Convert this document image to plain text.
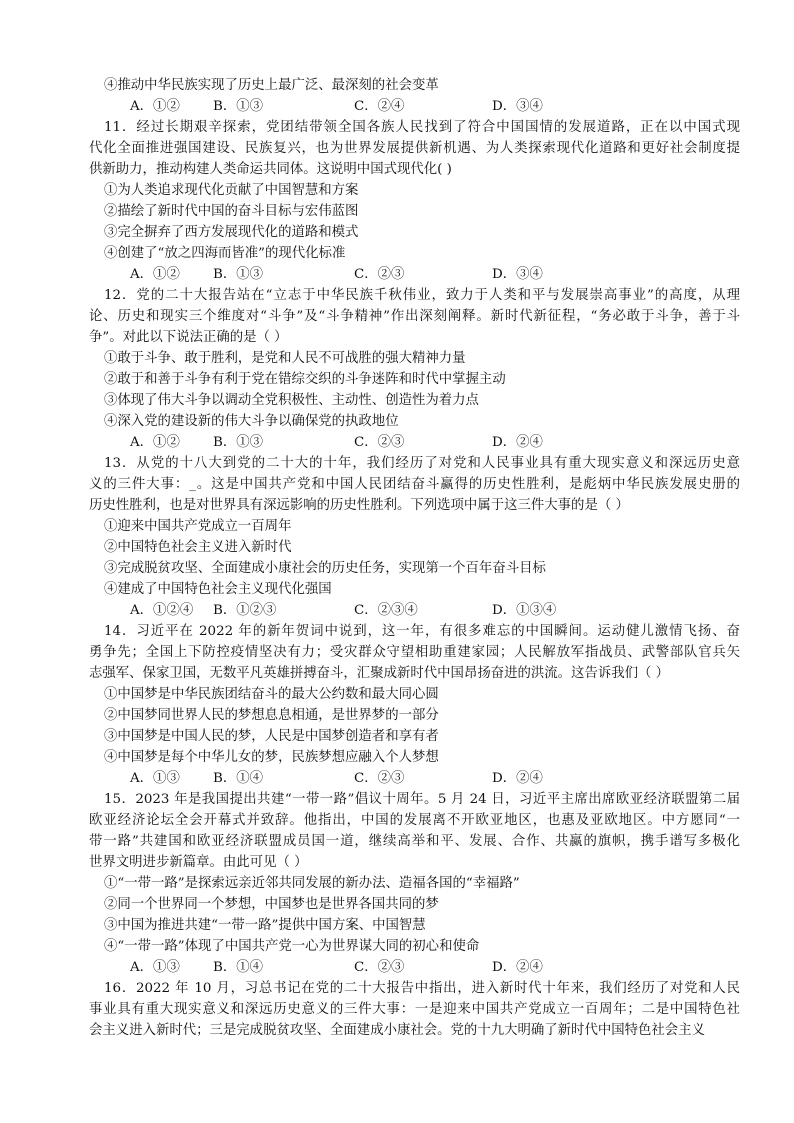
④推动中华民族实现了历史上最广泛、最深刻的社会变革
A．①② B．①③	C．②④	D．③④
11．经过长期艰辛探索，党团结带领全国各族人民找到了符合中国国情的发展道路，正在以中国式现
代化全面推进强国建设、民族复兴，也为世界发展提供新机遇、为人类探索现代化道路和更好社会制度提
供新助力，推动构建人类命运共同体。这说明中国式现代化( )
①为人类追求现代化贡献了中国智慧和方案
②描绘了新时代中国的奋斗目标与宏伟蓝图
③完全摒弃了西方发展现代化的道路和模式
④创建了“放之四海而皆准”的现代化标准
A．①② B．①③	C．②③	D．③④
12．党的二十大报告站在“立志于中华民族千秋伟业，致力于人类和平与发展崇高事业”的高度，从理
论、历史和现实三个维度对“斗争”及“斗争精神”作出深刻阐释。新时代新征程，“务必敢于斗争，善于斗
争”。对此以下说法正确的是（ ）
①敢于斗争、敢于胜利，是党和人民不可战胜的强大精神力量
②敢于和善于斗争有利于党在错综交织的斗争迷阵和时代中掌握主动
③体现了伟大斗争以调动全党积极性、主动性、创造性为着力点
④深入党的建设新的伟大斗争以确保党的执政地位
A．①② B．①③	C．②③	D．②④
13．从党的十八大到党的二十大的十年，我们经历了对党和人民事业具有重大现实意义和深远历史意
义的三件大事：_。这是中国共产党和中国人民团结奋斗赢得的历史性胜利，是彪炳中华民族发展史册的
历史性胜利，也是对世界具有深远影响的历史性胜利。下列选项中属于这三件大事的是（ ）
①迎来中国共产党成立一百周年
②中国特色社会主义进入新时代
③完成脱贫攻坚、全面建成小康社会的历史任务，实现第一个百年奋斗目标
④建成了中国特色社会主义现代化强国
A．①②④ B．①②③	C．②③④	D．①③④
14．习近平在 2022 年的新年贺词中说到，这一年，有很多难忘的中国瞬间。运动健儿激情飞扬、奋
勇争先；全国上下防控疫情坚决有力；受灾群众守望相助重建家园；人民解放军指战员、武警部队官兵矢
志强军、保家卫国，无数平凡英雄拼搏奋斗，汇聚成新时代中国昂扬奋进的洪流。这告诉我们（ ）
①中国梦是中华民族团结奋斗的最大公约数和最大同心圆
②中国梦同世界人民的梦想息息相通，是世界梦的一部分
③中国梦是中国人民的梦，人民是中国梦创造者和享有者
④中国梦是每个中华儿女的梦，民族梦想应融入个人梦想
A．①③ B．①④	C．②③	D．②④
15．2023 年是我国提出共建“一带一路”倡议十周年。5 月 24 日，习近平主席出席欧亚经济联盟第二届
欧亚经济论坛全会开幕式并致辞。他指出，中国的发展离不开欧亚地区，也惠及亚欧地区。中方愿同“一
带一路”共建国和欧亚经济联盟成员国一道，继续高举和平、发展、合作、共赢的旗帜，携手谱写多极化
世界文明进步新篇章。由此可见（ ）
①“一带一路”是探索远亲近邻共同发展的新办法、造福各国的“幸福路”
②同一个世界同一个梦想，中国梦也是世界各国共同的梦
③中国为推进共建“一带一路”提供中国方案、中国智慧
④“一带一路”体现了中国共产党一心为世界谋大同的初心和使命
A．①③ B．①④	C．②③	D．②④
16．2022 年 10 月，习总书记在党的二十大报告中指出，进入新时代十年来，我们经历了对党和人民
事业具有重大现实意义和深远历史意义的三件大事：一是迎来中国共产党成立一百周年；二是中国特色社
会主义进入新时代；三是完成脱贫攻坚、全面建成小康社会。党的十九大明确了新时代中国特色社会主义
